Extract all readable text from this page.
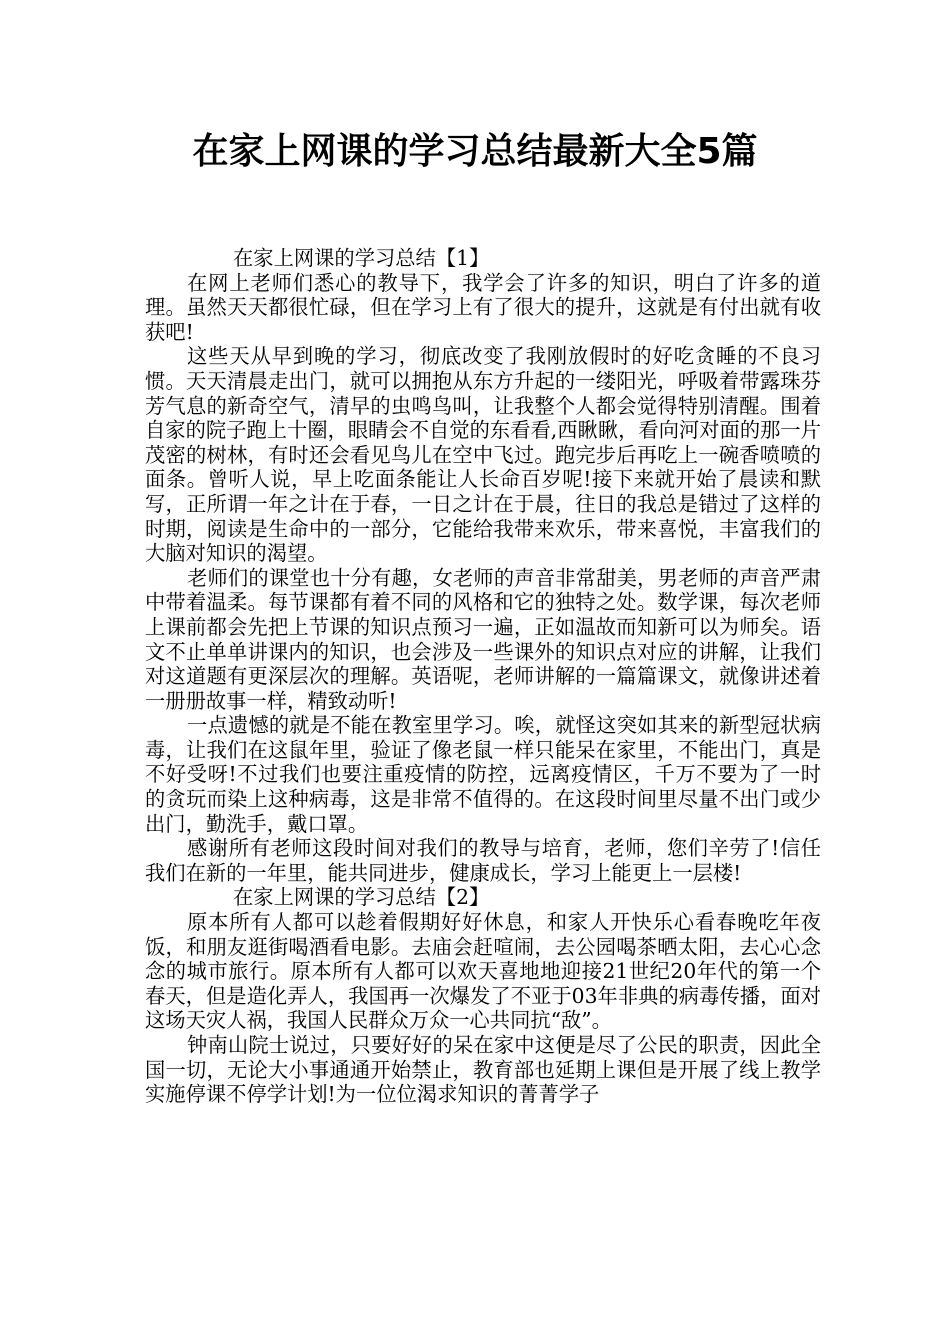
在家上网课的学习总结最新大全5篇

在家上网课的学习总结【1】

在网上老师们悉心的教导下，我学会了许多的知识，明白了许多的道理。虽然天天都很忙碌，但在学习上有了很大的提升，这就是有付出就有收获吧!

这些天从早到晚的学习，彻底改变了我刚放假时的好吃贪睡的不良习惯。天天清晨走出门，就可以拥抱从东方升起的一缕阳光，呼吸着带露珠芬芳气息的新奇空气，清早的虫鸣鸟叫，让我整个人都会觉得特别清醒。围着自家的院子跑上十圈，眼睛会不自觉的东看看,西瞅瞅，看向河对面的那一片茂密的树林，有时还会看见鸟儿在空中飞过。跑完步后再吃上一碗香喷喷的面条。曾听人说，早上吃面条能让人长命百岁呢!接下来就开始了晨读和默写，正所谓一年之计在于春，一日之计在于晨，往日的我总是错过了这样的时期，阅读是生命中的一部分，它能给我带来欢乐，带来喜悦，丰富我们的大脑对知识的渴望。

老师们的课堂也十分有趣，女老师的声音非常甜美，男老师的声音严肃中带着温柔。每节课都有着不同的风格和它的独特之处。数学课，每次老师上课前都会先把上节课的知识点预习一遍，正如温故而知新可以为师矣。语文不止单单讲课内的知识，也会涉及一些课外的知识点对应的讲解，让我们对这道题有更深层次的理解。英语呢，老师讲解的一篇篇课文，就像讲述着一册册故事一样，精致动听!

一点遗憾的就是不能在教室里学习。唉，就怪这突如其来的新型冠状病毒，让我们在这鼠年里，验证了像老鼠一样只能呆在家里，不能出门，真是不好受呀!不过我们也要注重疫情的防控，远离疫情区，千万不要为了一时的贪玩而染上这种病毒，这是非常不值得的。在这段时间里尽量不出门或少出门，勤洗手，戴口罩。

感谢所有老师这段时间对我们的教导与培育，老师，您们辛劳了!信任我们在新的一年里，能共同进步，健康成长，学习上能更上一层楼!

在家上网课的学习总结【2】

原本所有人都可以趁着假期好好休息，和家人开快乐心看春晚吃年夜饭，和朋友逛街喝酒看电影。去庙会赶喧闹，去公园喝茶晒太阳，去心心念念的城市旅行。原本所有人都可以欢天喜地地迎接21世纪20年代的第一个春天，但是造化弄人，我国再一次爆发了不亚于03年非典的病毒传播，面对这场天灾人祸，我国人民群众万众一心共同抗“敌”。

钟南山院士说过，只要好好的呆在家中这便是尽了公民的职责，因此全国一切，无论大小事通通开始禁止，教育部也延期上课但是开展了线上教学实施停课不停学计划!为一位位渴求知识的菁菁学子
